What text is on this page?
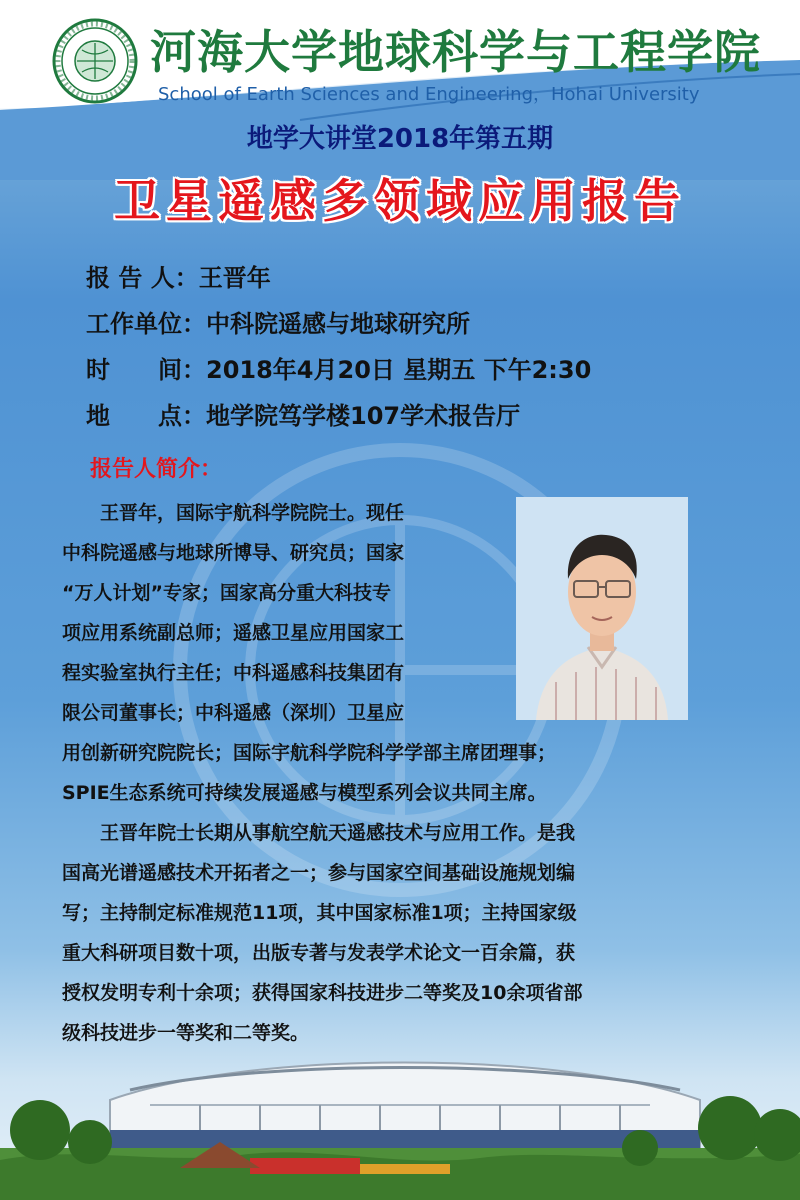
河海大学地球科学与工程学院
School of Earth Sciences and Engineering，Hohai University
地学大讲堂2018年第五期
卫星遥感多领域应用报告
报 告 人：王晋年
工作单位：中科院遥感与地球研究所
时　　间：2018年4月20日 星期五 下午2:30
地　　点：地学院笃学楼107学术报告厅
报告人简介：
　　王晋年，国际宇航科学院院士。现任
中科院遥感与地球所博导、研究员；国家
“万人计划”专家；国家高分重大科技专
项应用系统副总师；遥感卫星应用国家工
程实验室执行主任；中科遥感科技集团有
限公司董事长；中科遥感（深圳）卫星应
用创新研究院院长；国际宇航科学院科学学部主席团理事；
SPIE生态系统可持续发展遥感与模型系列会议共同主席。
　　王晋年院士长期从事航空航天遥感技术与应用工作。是我
国高光谱遥感技术开拓者之一；参与国家空间基础设施规划编
写；主持制定标准规范11项，其中国家标准1项；主持国家级
重大科研项目数十项，出版专著与发表学术论文一百余篇，获
授权发明专利十余项；获得国家科技进步二等奖及10余项省部
级科技进步一等奖和二等奖。
